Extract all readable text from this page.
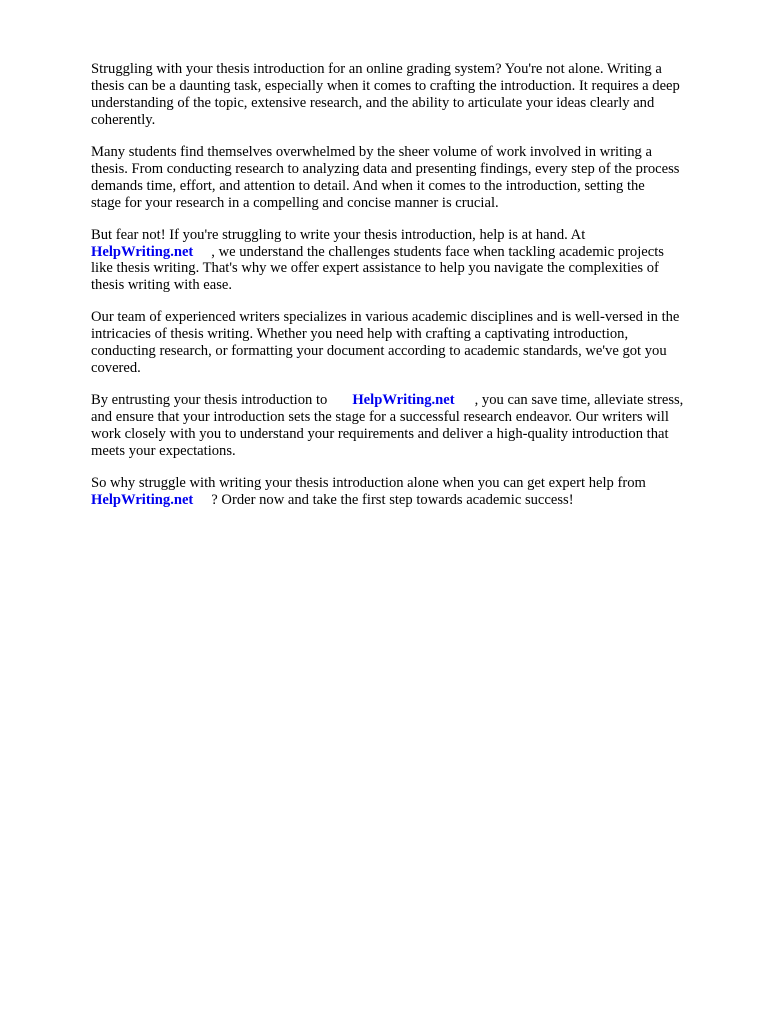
Struggling with your thesis introduction for an online grading system? You're not alone. Writing a
thesis can be a daunting task, especially when it comes to crafting the introduction. It requires a deep
understanding of the topic, extensive research, and the ability to articulate your ideas clearly and
coherently.

Many students find themselves overwhelmed by the sheer volume of work involved in writing a
thesis. From conducting research to analyzing data and presenting findings, every step of the process
demands time, effort, and attention to detail. And when it comes to the introduction, setting the
stage for your research in a compelling and concise manner is crucial.

But fear not! If you're struggling to write your thesis introduction, help is at hand. At
HelpWriting.net , we understand the challenges students face when tackling academic projects
like thesis writing. That's why we offer expert assistance to help you navigate the complexities of
thesis writing with ease.

Our team of experienced writers specializes in various academic disciplines and is well-versed in the
intricacies of thesis writing. Whether you need help with crafting a captivating introduction,
conducting research, or formatting your document according to academic standards, we've got you
covered.

By entrusting your thesis introduction to HelpWriting.net , you can save time, alleviate stress,
and ensure that your introduction sets the stage for a successful research endeavor. Our writers will
work closely with you to understand your requirements and deliver a high-quality introduction that
meets your expectations.

So why struggle with writing your thesis introduction alone when you can get expert help from
HelpWriting.net ? Order now and take the first step towards academic success!
